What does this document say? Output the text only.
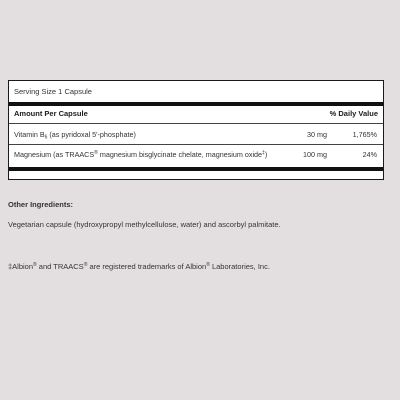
Serving Size 1 Capsule
Amount Per Capsule	% Daily Value
Vitamin $B_6$ (as pyridoxal 5'-phosphate)	30 mg	1,765%
Magnesium (as TRAACS® magnesium bisglycinate chelate, magnesium oxide‡)	100 mg	24%
Other Ingredients:
Vegetarian capsule (hydroxypropyl methylcellulose, water) and ascorbyl palmitate.
‡Albion® and TRAACS® are registered trademarks of Albion® Laboratories, Inc.
